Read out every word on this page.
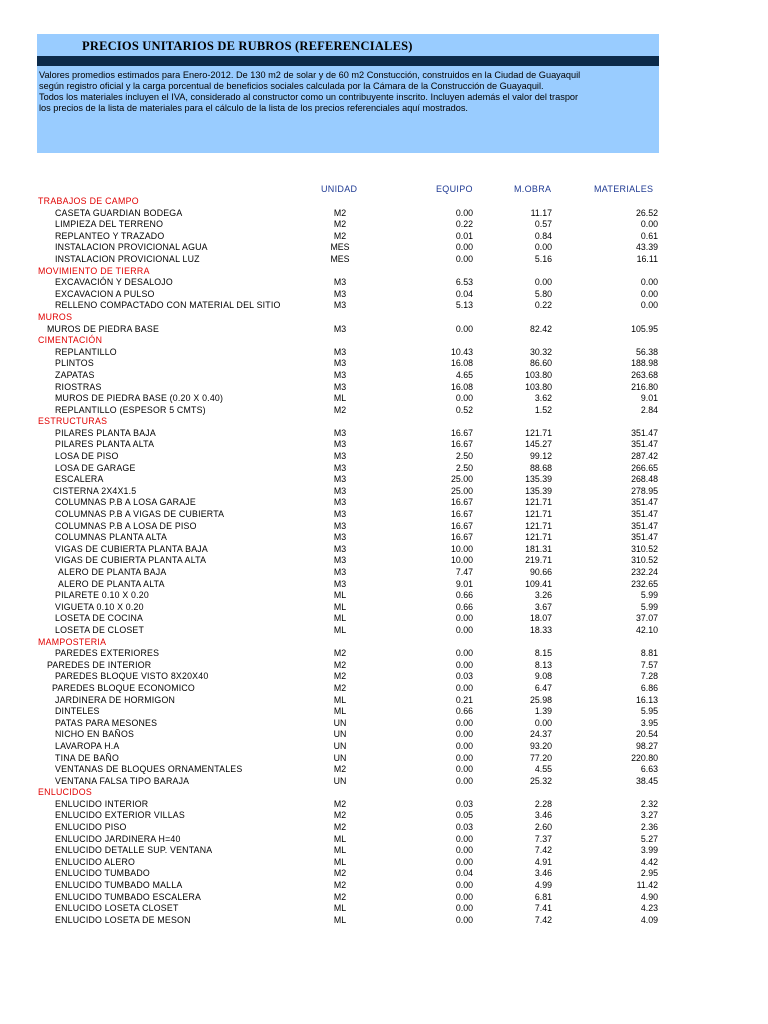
PRECIOS UNITARIOS DE RUBROS (REFERENCIALES)
Valores promedios estimados para Enero-2012. De 130 m2 de solar y de 60 m2 Constucción, construidos en la Ciudad de Guayaquil
según registro oficial y la carga porcentual de beneficios sociales calculada por la Cámara de la Construcción de Guayaquil.
Todos los materiales incluyen el IVA, considerado al constructor como un contribuyente inscrito. Incluyen además el valor del traspor
los precios de la lista de materiales para el cálculo de la lista de los precios referenciales aquí mostrados.
UNIDAD	EQUIPO	M.OBRA	MATERIALES
TRABAJOS DE CAMPO
CASETA GUARDIAN BODEGA	M2	0.00	11.17	26.52
LIMPIEZA DEL TERRENO	M2	0.22	0.57	0.00
REPLANTEO Y TRAZADO	M2	0.01	0.84	0.61
INSTALACION PROVICIONAL AGUA	MES	0.00	0.00	43.39
INSTALACION PROVICIONAL LUZ	MES	0.00	5.16	16.11
MOVIMIENTO DE TIERRA
EXCAVACIÓN Y DESALOJO	M3	6.53	0.00	0.00
EXCAVACION A PULSO	M3	0.04	5.80	0.00
RELLENO COMPACTADO CON MATERIAL DEL SITIO	M3	5.13	0.22	0.00
MUROS
MUROS DE PIEDRA BASE	M3	0.00	82.42	105.95
CIMENTACIÓN
REPLANTILLO	M3	10.43	30.32	56.38
PLINTOS	M3	16.08	86.60	188.98
ZAPATAS	M3	4.65	103.80	263.68
RIOSTRAS	M3	16.08	103.80	216.80
MUROS DE PIEDRA BASE (0.20 X 0.40)	ML	0.00	3.62	9.01
REPLANTILLO (ESPESOR 5 CMTS)	M2	0.52	1.52	2.84
ESTRUCTURAS
PILARES PLANTA BAJA	M3	16.67	121.71	351.47
PILARES PLANTA ALTA	M3	16.67	145.27	351.47
LOSA DE PISO	M3	2.50	99.12	287.42
LOSA DE GARAGE	M3	2.50	88.68	266.65
ESCALERA	M3	25.00	135.39	268.48
CISTERNA 2X4X1.5	M3	25.00	135.39	278.95
COLUMNAS P.B A LOSA GARAJE	M3	16.67	121.71	351.47
COLUMNAS P.B A VIGAS DE CUBIERTA	M3	16.67	121.71	351.47
COLUMNAS P.B A LOSA DE PISO	M3	16.67	121.71	351.47
COLUMNAS PLANTA ALTA	M3	16.67	121.71	351.47
VIGAS DE CUBIERTA PLANTA BAJA	M3	10.00	181.31	310.52
VIGAS DE CUBIERTA PLANTA ALTA	M3	10.00	219.71	310.52
ALERO DE PLANTA BAJA	M3	7.47	90.66	232.24
ALERO DE PLANTA ALTA	M3	9.01	109.41	232.65
PILARETE 0.10 X 0.20	ML	0.66	3.26	5.99
VIGUETA 0.10 X 0.20	ML	0.66	3.67	5.99
LOSETA DE COCINA	ML	0.00	18.07	37.07
LOSETA DE CLOSET	ML	0.00	18.33	42.10
MAMPOSTERIA
PAREDES EXTERIORES	M2	0.00	8.15	8.81
PAREDES DE INTERIOR	M2	0.00	8.13	7.57
PAREDES BLOQUE VISTO 8X20X40	M2	0.03	9.08	7.28
PAREDES BLOQUE ECONOMICO	M2	0.00	6.47	6.86
JARDINERA DE HORMIGON	ML	0.21	25.98	16.13
DINTELES	ML	0.66	1.39	5.95
PATAS PARA MESONES	UN	0.00	0.00	3.95
NICHO EN BAÑOS	UN	0.00	24.37	20.54
LAVAROPA H.A	UN	0.00	93.20	98.27
TINA DE BAÑO	UN	0.00	77.20	220.80
VENTANAS DE BLOQUES ORNAMENTALES	M2	0.00	4.55	6.63
VENTANA FALSA TIPO BARAJA	UN	0.00	25.32	38.45
ENLUCIDOS
ENLUCIDO INTERIOR	M2	0.03	2.28	2.32
ENLUCIDO EXTERIOR VILLAS	M2	0.05	3.46	3.27
ENLUCIDO PISO	M2	0.03	2.60	2.36
ENLUCIDO JARDINERA H=40	ML	0.00	7.37	5.27
ENLUCIDO DETALLE SUP. VENTANA	ML	0.00	7.42	3.99
ENLUCIDO ALERO	ML	0.00	4.91	4.42
ENLUCIDO TUMBADO	M2	0.04	3.46	2.95
ENLUCIDO TUMBADO MALLA	M2	0.00	4.99	11.42
ENLUCIDO TUMBADO ESCALERA	M2	0.00	6.81	4.90
ENLUCIDO LOSETA CLOSET	ML	0.00	7.41	4.23
ENLUCIDO LOSETA DE MESON	ML	0.00	7.42	4.09
